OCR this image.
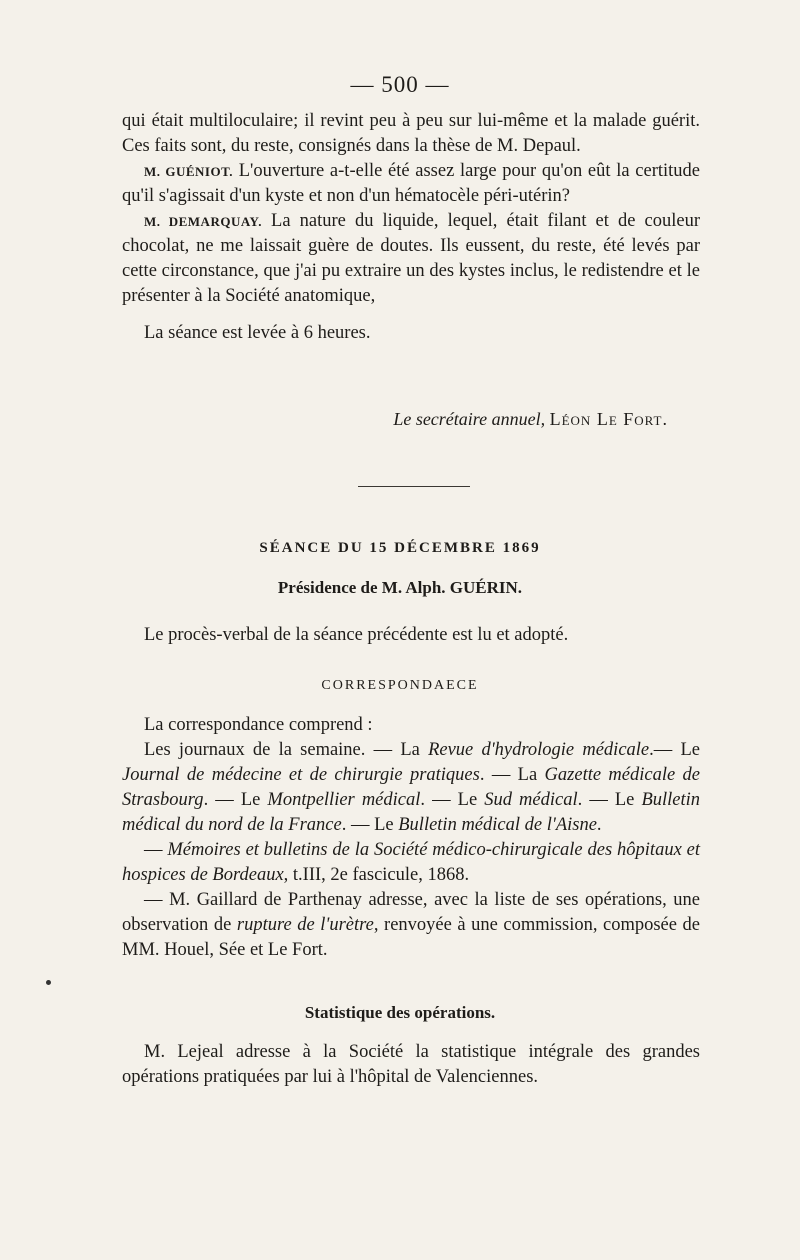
— 500 —

qui était multiloculaire; il revint peu à peu sur lui-même et la malade guérit. Ces faits sont, du reste, consignés dans la thèse de M. Depaul.

M. GUÉNIOT. L'ouverture a-t-elle été assez large pour qu'on eût la certitude qu'il s'agissait d'un kyste et non d'un hématocèle péri-utérin?

M. DEMARQUAY. La nature du liquide, lequel, était filant et de couleur chocolat, ne me laissait guère de doutes. Ils eussent, du reste, été levés par cette circonstance, que j'ai pu extraire un des kystes inclus, le redistendre et le présenter à la Société anatomique,

La séance est levée à 6 heures.

Le secrétaire annuel, Léon Le Fort.
SÉANCE DU 15 DÉCEMBRE 1869
Présidence de M. Alph. GUÉRIN.

Le procès-verbal de la séance précédente est lu et adopté.

CORRESPONDAECE

La correspondance comprend :

Les journaux de la semaine. — La Revue d'hydrologie médicale.— Le Journal de médecine et de chirurgie pratiques. — La Gazette médicale de Strasbourg. — Le Montpellier médical. — Le Sud médical. — Le Bulletin médical du nord de la France. — Le Bulletin médical de l'Aisne.

— Mémoires et bulletins de la Société médico-chirurgicale des hôpitaux et hospices de Bordeaux, t.III, 2e fascicule, 1868.

— M. Gaillard de Parthenay adresse, avec la liste de ses opérations, une observation de rupture de l'urètre, renvoyée à une commission, composée de MM. Houel, Sée et Le Fort.

Statistique des opérations.

M. Lejeal adresse à la Société la statistique intégrale des grandes opérations pratiquées par lui à l'hôpital de Valenciennes.
